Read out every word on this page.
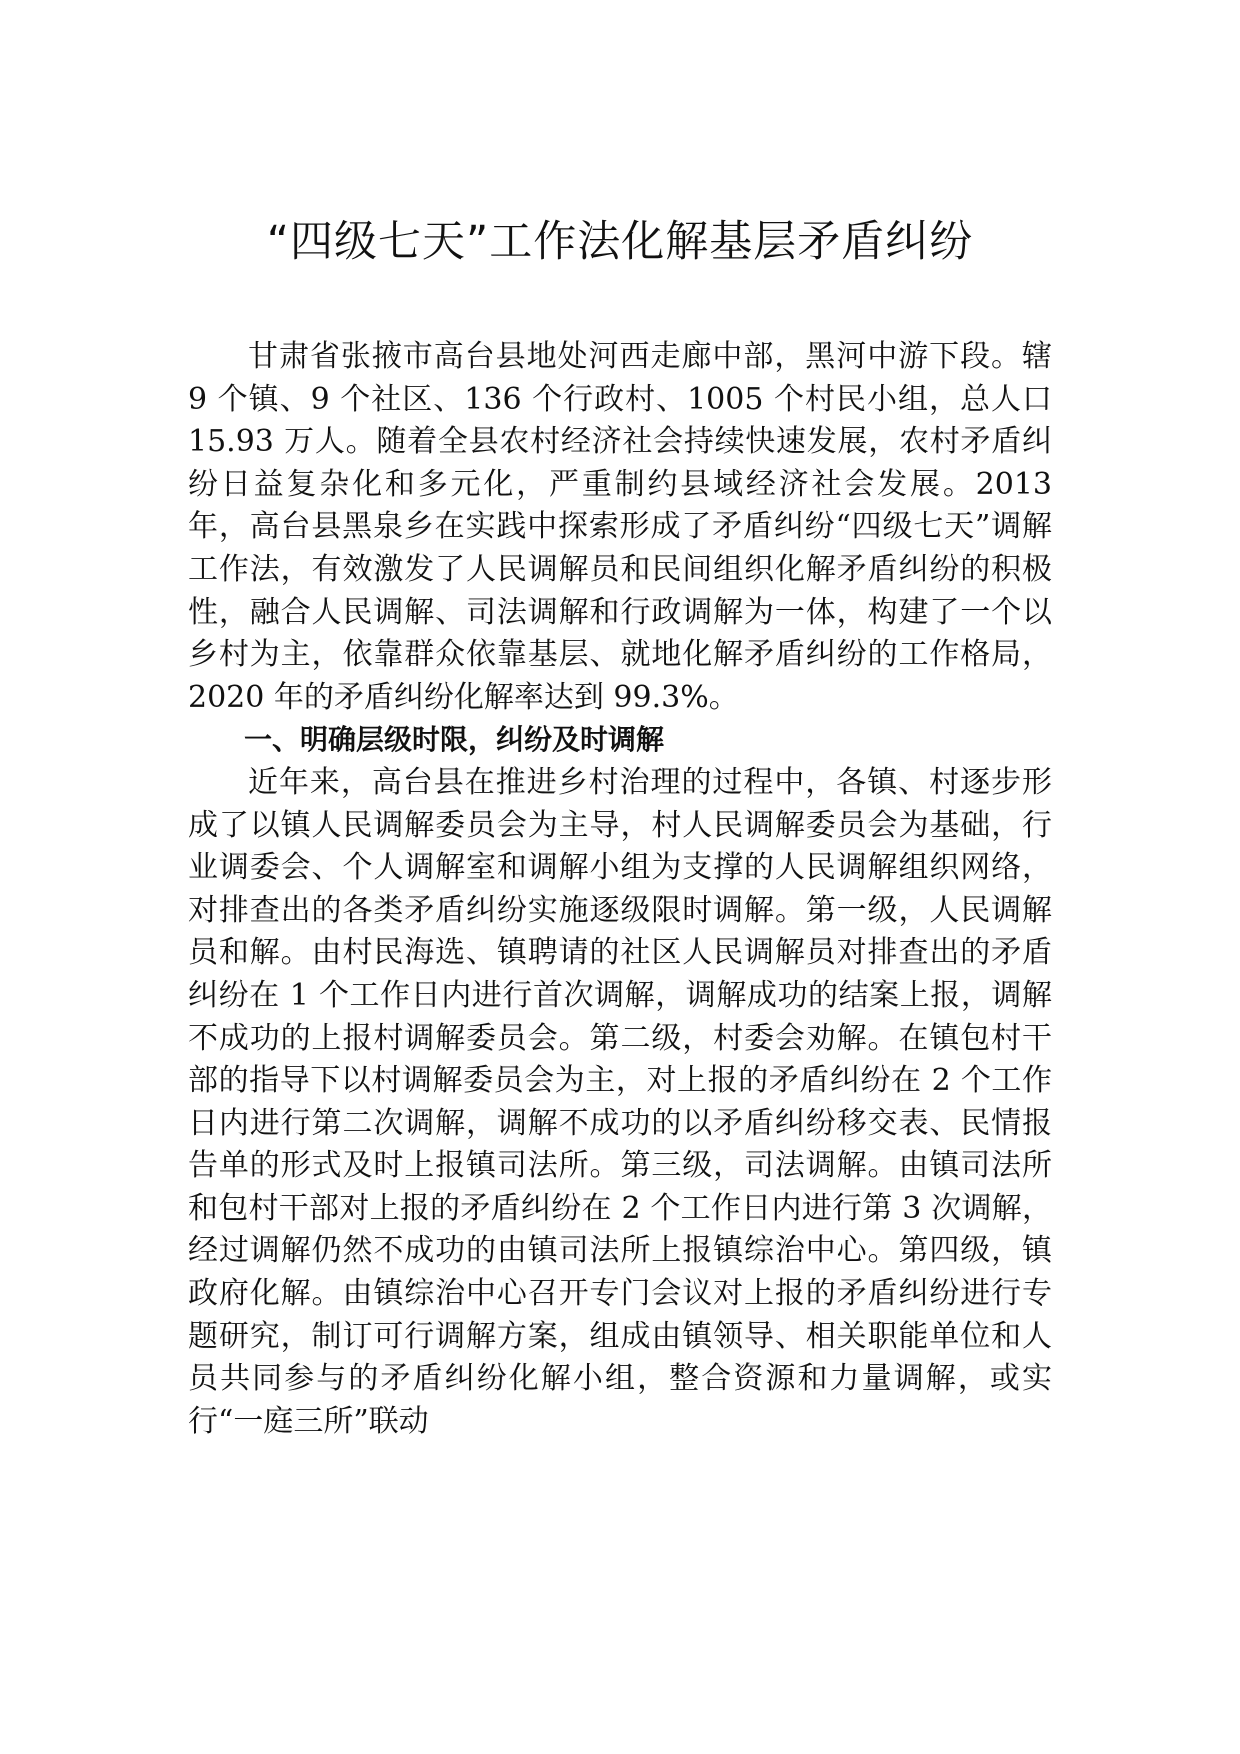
“四级七天”工作法化解基层矛盾纠纷

甘肃省张掖市高台县地处河西走廊中部，黑河中游下段。辖 9 个镇、9 个社区、136 个行政村、1005 个村民小组，总人口 15.93 万人。随着全县农村经济社会持续快速发展，农村矛盾纠纷日益复杂化和多元化，严重制约县域经济社会发展。2013 年，高台县黑泉乡在实践中探索形成了矛盾纠纷“四级七天”调解工作法，有效激发了人民调解员和民间组织化解矛盾纠纷的积极性，融合人民调解、司法调解和行政调解为一体，构建了一个以乡村为主，依靠群众依靠基层、就地化解矛盾纠纷的工作格局，2020 年的矛盾纠纷化解率达到 99.3%。

一、明确层级时限，纠纷及时调解

近年来，高台县在推进乡村治理的过程中，各镇、村逐步形成了以镇人民调解委员会为主导，村人民调解委员会为基础，行业调委会、个人调解室和调解小组为支撑的人民调解组织网络，对排查出的各类矛盾纠纷实施逐级限时调解。第一级，人民调解员和解。由村民海选、镇聘请的社区人民调解员对排查出的矛盾纠纷在 1 个工作日内进行首次调解，调解成功的结案上报，调解不成功的上报村调解委员会。第二级，村委会劝解。在镇包村干部的指导下以村调解委员会为主，对上报的矛盾纠纷在 2 个工作日内进行第二次调解，调解不成功的以矛盾纠纷移交表、民情报告单的形式及时上报镇司法所。第三级，司法调解。由镇司法所和包村干部对上报的矛盾纠纷在 2 个工作日内进行第 3 次调解，经过调解仍然不成功的由镇司法所上报镇综治中心。第四级，镇政府化解。由镇综治中心召开专门会议对上报的矛盾纠纷进行专题研究，制订可行调解方案，组成由镇领导、相关职能单位和人员共同参与的矛盾纠纷化解小组，整合资源和力量调解，或实行“一庭三所”联动
